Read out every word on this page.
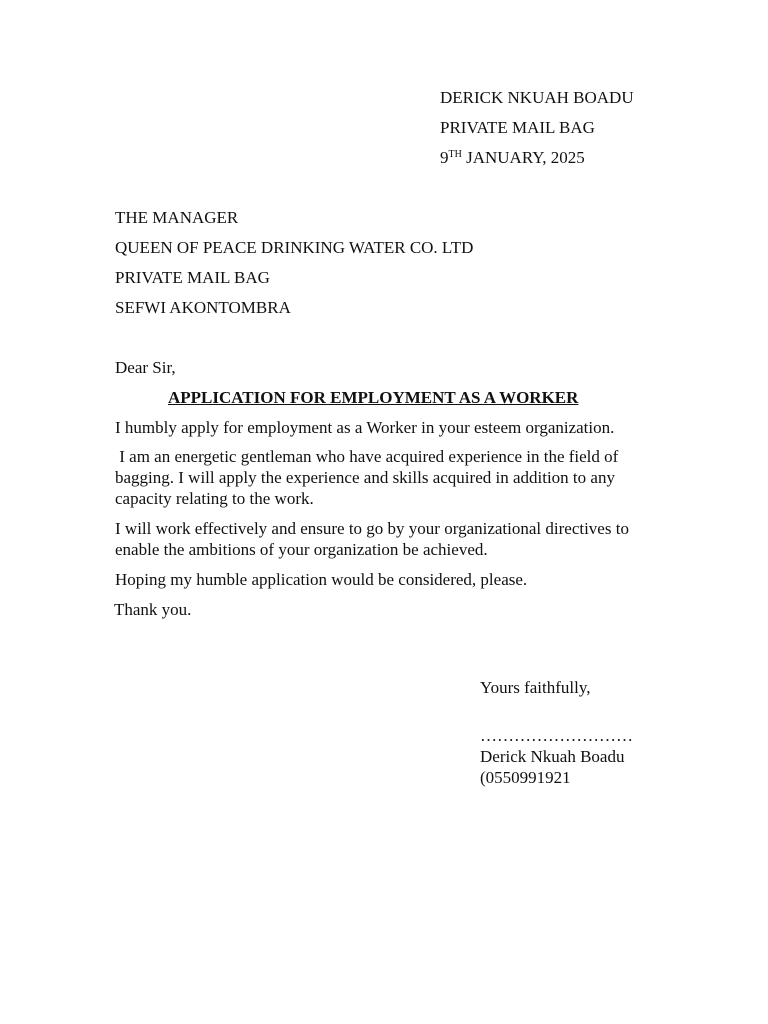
DERICK NKUAH BOADU
PRIVATE MAIL BAG
9TH JANUARY, 2025
THE MANAGER
QUEEN OF PEACE DRINKING WATER CO. LTD
PRIVATE MAIL BAG
SEFWI AKONTOMBRA
Dear Sir,
APPLICATION FOR EMPLOYMENT AS A WORKER
I humbly apply for employment as a Worker in your esteem organization.
I am an energetic gentleman who have acquired experience in the field of bagging. I will apply the experience and skills acquired in addition to any capacity relating to the work.
I will work effectively and ensure to go by your organizational directives to enable the ambitions of your organization be achieved.
Hoping my humble application would be considered, please.
Thank you.
Yours faithfully,
………………………
Derick Nkuah Boadu
(0550991921
